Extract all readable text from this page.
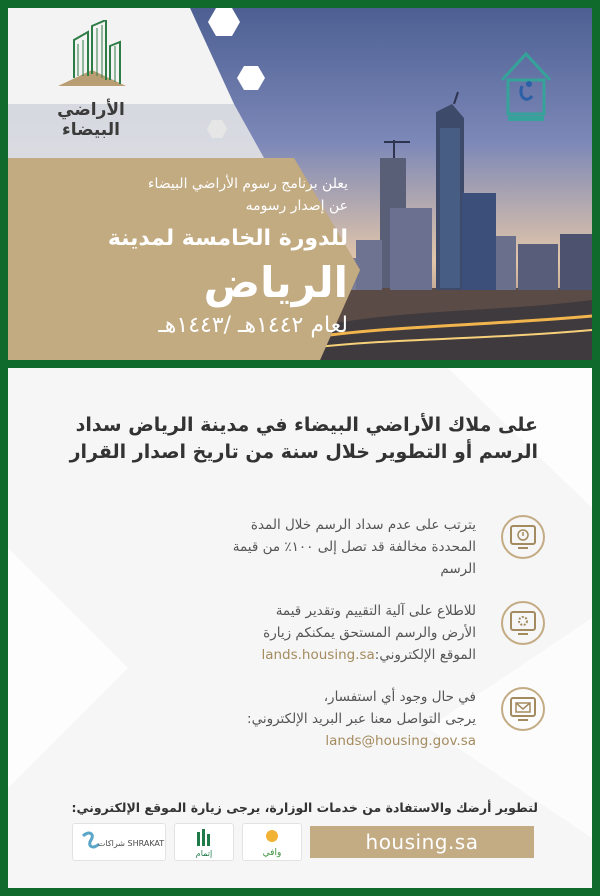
الأراضي البيضاء
يعلن برنامج رسوم الأراضي البيضاء
عن إصدار رسومه
للدورة الخامسة لمدينة
الرياض
لعام ١٤٤٢هـ /١٤٤٣هـ
على ملاك الأراضي البيضاء في مدينة الرياض سداد
الرسم أو التطوير خلال سنة من تاريخ اصدار القرار
يترتب على عدم سداد الرسم خلال المدة
المحددة مخالفة قد تصل إلى ١٠٠٪ من قيمة
الرسم
للاطلاع على آلية التقييم وتقدير قيمة
الأرض والرسم المستحق يمكنكم زيارة
الموقع الإلكتروني:lands.housing.sa
في حال وجود أي استفسار،
يرجى التواصل معنا عبر البريد الإلكتروني:
lands@housing.gov.sa
لتطوير أرضك والاستفادة من خدمات الوزارة، يرجى زيارة الموقع الإلكتروني:
housing.sa
وافي
إتمام
شراكات SHRAKAT
